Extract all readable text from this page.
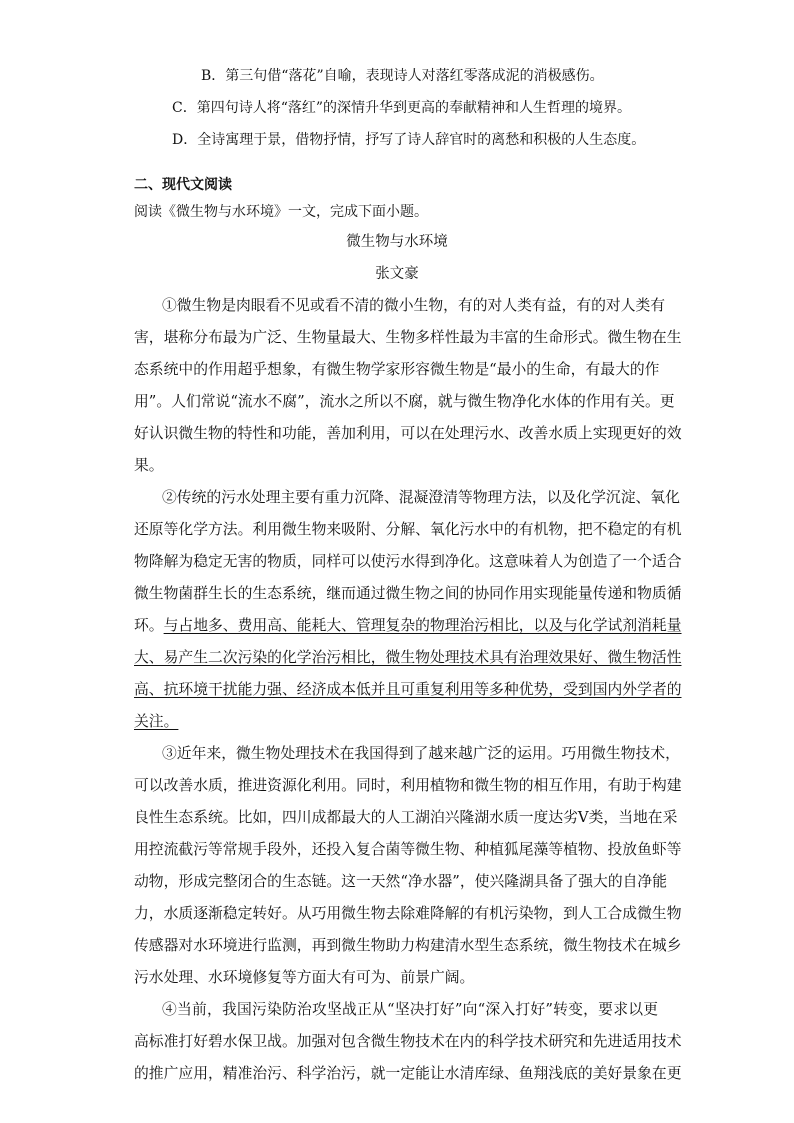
B．第三句借“落花”自喻，表现诗人对落红零落成泥的消极感伤。
C．第四句诗人将“落红”的深情升华到更高的奉献精神和人生哲理的境界。
D．全诗寓理于景，借物抒情，抒写了诗人辞官时的离愁和积极的人生态度。
二、现代文阅读
阅读《微生物与水环境》一文，完成下面小题。
微生物与水环境
张文豪
①微生物是肉眼看不见或看不清的微小生物，有的对人类有益，有的对人类有
害，堪称分布最为广泛、生物量最大、生物多样性最为丰富的生命形式。微生物在生
态系统中的作用超乎想象，有微生物学家形容微生物是“最小的生命，有最大的作
用”。人们常说“流水不腐”，流水之所以不腐，就与微生物净化水体的作用有关。更
好认识微生物的特性和功能，善加利用，可以在处理污水、改善水质上实现更好的效
果。
②传统的污水处理主要有重力沉降、混凝澄清等物理方法，以及化学沉淀、氧化
还原等化学方法。利用微生物来吸附、分解、氧化污水中的有机物，把不稳定的有机
物降解为稳定无害的物质，同样可以使污水得到净化。这意味着人为创造了一个适合
微生物菌群生长的生态系统，继而通过微生物之间的协同作用实现能量传递和物质循
环。与占地多、费用高、能耗大、管理复杂的物理治污相比，以及与化学试剂消耗量
大、易产生二次污染的化学治污相比，微生物处理技术具有治理效果好、微生物活性
高、抗环境干扰能力强、经济成本低并且可重复利用等多种优势，受到国内外学者的
关注。
③近年来，微生物处理技术在我国得到了越来越广泛的运用。巧用微生物技术，
可以改善水质，推进资源化利用。同时，利用植物和微生物的相互作用，有助于构建
良性生态系统。比如，四川成都最大的人工湖泊兴隆湖水质一度达劣Ⅴ类，当地在采
用控流截污等常规手段外，还投入复合菌等微生物、种植狐尾藻等植物、投放鱼虾等
动物，形成完整闭合的生态链。这一天然“净水器”，使兴隆湖具备了强大的自净能
力，水质逐渐稳定转好。从巧用微生物去除难降解的有机污染物，到人工合成微生物
传感器对水环境进行监测，再到微生物助力构建清水型生态系统，微生物技术在城乡
污水处理、水环境修复等方面大有可为、前景广阔。
④当前，我国污染防治攻坚战正从“坚决打好”向“深入打好”转变，要求以更
高标准打好碧水保卫战。加强对包含微生物技术在内的科学技术研究和先进适用技术
的推广应用，精准治污、科学治污，就一定能让水清库绿、鱼翔浅底的美好景象在更
